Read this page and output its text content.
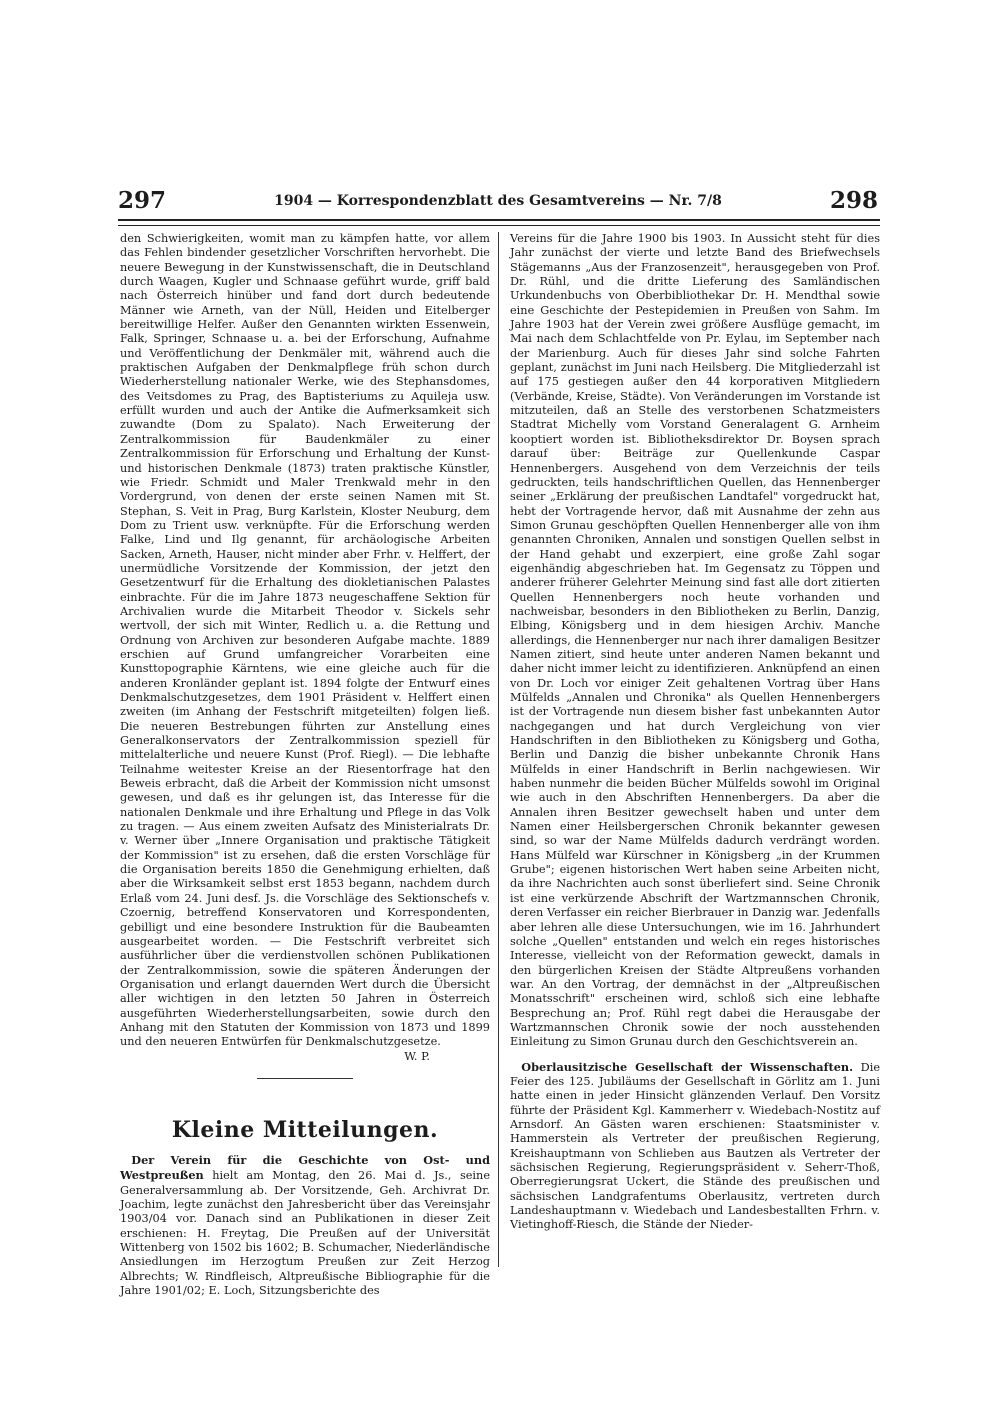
297	1904 — Korrespondenzblatt des Gesamtvereins — Nr. 7/8	298

den Schwierigkeiten, womit man zu kämpfen hatte, vor allem das Fehlen bindender gesetzlicher Vorschriften hervorhebt. Die neuere Bewegung in der Kunstwissenschaft, die in Deutschland durch Waagen, Kugler und Schnaase geführt wurde, griff bald nach Österreich hinüber und fand dort durch bedeutende Männer wie Arneth, van der Nüll, Heiden und Eitelberger bereitwillige Helfer. Außer den Genannten wirkten Essenwein, Falk, Springer, Schnaase u. a. bei der Erforschung, Aufnahme und Veröffentlichung der Denkmäler mit, während auch die praktischen Aufgaben der Denkmalpflege früh schon durch Wiederherstellung nationaler Werke, wie des Stephansdomes, des Veitsdomes zu Prag, des Baptisteriums zu Aquileja usw. erfüllt wurden und auch der Antike die Aufmerksamkeit sich zuwandte (Dom zu Spalato). Nach Erweiterung der Zentralkommission für Baudenkmäler zu einer Zentralkommission für Erforschung und Erhaltung der Kunst- und historischen Denkmale (1873) traten praktische Künstler, wie Friedr. Schmidt und Maler Trenkwald mehr in den Vordergrund, von denen der erste seinen Namen mit St. Stephan, S. Veit in Prag, Burg Karlstein, Kloster Neuburg, dem Dom zu Trient usw. verknüpfte. Für die Erforschung werden Falke, Lind und Ilg genannt, für archäologische Arbeiten Sacken, Arneth, Hauser, nicht minder aber Frhr. v. Helffert, der unermüdliche Vorsitzende der Kommission, der jetzt den Gesetzentwurf für die Erhaltung des diokletianischen Palastes einbrachte. Für die im Jahre 1873 neugeschaffene Sektion für Archivalien wurde die Mitarbeit Theodor v. Sickels sehr wertvoll, der sich mit Winter, Redlich u. a. die Rettung und Ordnung von Archiven zur besonderen Aufgabe machte. 1889 erschien auf Grund umfangreicher Vorarbeiten eine Kunsttopographie Kärntens, wie eine gleiche auch für die anderen Kronländer geplant ist. 1894 folgte der Entwurf eines Denkmalschutzgesetzes, dem 1901 Präsident v. Helffert einen zweiten (im Anhang der Festschrift mitgeteilten) folgen ließ. Die neueren Bestrebungen führten zur Anstellung eines Generalkonservators der Zentralkommission speziell für mittelalterliche und neuere Kunst (Prof. Riegl). — Die lebhafte Teilnahme weitester Kreise an der Riesentorfrage hat den Beweis erbracht, daß die Arbeit der Kommission nicht umsonst gewesen, und daß es ihr gelungen ist, das Interesse für die nationalen Denkmale und ihre Erhaltung und Pflege in das Volk zu tragen. — Aus einem zweiten Aufsatz des Ministerialrats Dr. v. Werner über „Innere Organisation und praktische Tätigkeit der Kommission" ist zu ersehen, daß die ersten Vorschläge für die Organisation bereits 1850 die Genehmigung erhielten, daß aber die Wirksamkeit selbst erst 1853 begann, nachdem durch Erlaß vom 24. Juni desf. Js. die Vorschläge des Sektionschefs v. Czoernig, betreffend Konservatoren und Korrespondenten, gebilligt und eine besondere Instruktion für die Baubeamten ausgearbeitet worden. — Die Festschrift verbreitet sich ausführlicher über die verdienstvollen schönen Publikationen der Zentralkommission, sowie die späteren Änderungen der Organisation und erlangt dauernden Wert durch die Übersicht aller wichtigen in den letzten 50 Jahren in Österreich ausgeführten Wiederherstellungsarbeiten, sowie durch den Anhang mit den Statuten der Kommission von 1873 und 1899 und den neueren Entwürfen für Denkmalschutzgesetze.

W. P.

Kleine Mitteilungen.

Der Verein für die Geschichte von Ost- und Westpreußen hielt am Montag, den 26. Mai d. Js., seine Generalversammlung ab. Der Vorsitzende, Geh. Archivrat Dr. Joachim, legte zunächst den Jahresbericht über das Vereinsjahr 1903/04 vor. Danach sind an Publikationen in dieser Zeit erschienen: H. Freytag, Die Preußen auf der Universität Wittenberg von 1502 bis 1602; B. Schumacher, Niederländische Ansiedlungen im Herzogtum Preußen zur Zeit Herzog Albrechts; W. Rindfleisch, Altpreußische Bibliographie für die Jahre 1901/02; E. Loch, Sitzungsberichte des

Vereins für die Jahre 1900 bis 1903. In Aussicht steht für dies Jahr zunächst der vierte und letzte Band des Briefwechsels Stägemanns „Aus der Franzosenzeit", herausgegeben von Prof. Dr. Rühl, und die dritte Lieferung des Samländischen Urkundenbuchs von Oberbibliothekar Dr. H. Mendthal sowie eine Geschichte der Pestepidemien in Preußen von Sahm. Im Jahre 1903 hat der Verein zwei größere Ausflüge gemacht, im Mai nach dem Schlachtfelde von Pr. Eylau, im September nach der Marienburg. Auch für dieses Jahr sind solche Fahrten geplant, zunächst im Juni nach Heilsberg. Die Mitgliederzahl ist auf 175 gestiegen außer den 44 korporativen Mitgliedern (Verbände, Kreise, Städte). Von Veränderungen im Vorstande ist mitzuteilen, daß an Stelle des verstorbenen Schatzmeisters Stadtrat Michelly vom Vorstand Generalagent G. Arnheim kooptiert worden ist. Bibliotheksdirektor Dr. Boysen sprach darauf über: Beiträge zur Quellenkunde Caspar Hennenbergers. Ausgehend von dem Verzeichnis der teils gedruckten, teils handschriftlichen Quellen, das Hennenberger seiner „Erklärung der preußischen Landtafel" vorgedruckt hat, hebt der Vortragende hervor, daß mit Ausnahme der zehn aus Simon Grunau geschöpften Quellen Hennenberger alle von ihm genannten Chroniken, Annalen und sonstigen Quellen selbst in der Hand gehabt und exzerpiert, eine große Zahl sogar eigenhändig abgeschrieben hat. Im Gegensatz zu Töppen und anderer früherer Gelehrter Meinung sind fast alle dort zitierten Quellen Hennenbergers noch heute vorhanden und nachweisbar, besonders in den Bibliotheken zu Berlin, Danzig, Elbing, Königsberg und in dem hiesigen Archiv. Manche allerdings, die Hennenberger nur nach ihrer damaligen Besitzer Namen zitiert, sind heute unter anderen Namen bekannt und daher nicht immer leicht zu identifizieren. Anknüpfend an einen von Dr. Loch vor einiger Zeit gehaltenen Vortrag über Hans Mülfelds „Annalen und Chronika" als Quellen Hennenbergers ist der Vortragende nun diesem bisher fast unbekannten Autor nachgegangen und hat durch Vergleichung von vier Handschriften in den Bibliotheken zu Königsberg und Gotha, Berlin und Danzig die bisher unbekannte Chronik Hans Mülfelds in einer Handschrift in Berlin nachgewiesen. Wir haben nunmehr die beiden Bücher Mülfelds sowohl im Original wie auch in den Abschriften Hennenbergers. Da aber die Annalen ihren Besitzer gewechselt haben und unter dem Namen einer Heilsbergerschen Chronik bekannter gewesen sind, so war der Name Mülfelds dadurch verdrängt worden. Hans Mülfeld war Kürschner in Königsberg „in der Krummen Grube"; eigenen historischen Wert haben seine Arbeiten nicht, da ihre Nachrichten auch sonst überliefert sind. Seine Chronik ist eine verkürzende Abschrift der Wartzmannschen Chronik, deren Verfasser ein reicher Bierbrauer in Danzig war. Jedenfalls aber lehren alle diese Untersuchungen, wie im 16. Jahrhundert solche „Quellen" entstanden und welch ein reges historisches Interesse, vielleicht von der Reformation geweckt, damals in den bürgerlichen Kreisen der Städte Altpreußens vorhanden war. An den Vortrag, der demnächst in der „Altpreußischen Monatsschrift" erscheinen wird, schloß sich eine lebhafte Besprechung an; Prof. Rühl regt dabei die Herausgabe der Wartzmannschen Chronik sowie der noch ausstehenden Einleitung zu Simon Grunau durch den Geschichtsverein an.

Oberlausitzische Gesellschaft der Wissenschaften. Die Feier des 125. Jubiläums der Gesellschaft in Görlitz am 1. Juni hatte einen in jeder Hinsicht glänzenden Verlauf. Den Vorsitz führte der Präsident Kgl. Kammerherr v. Wiedebach-Nostitz auf Arnsdorf. An Gästen waren erschienen: Staatsminister v. Hammerstein als Vertreter der preußischen Regierung, Kreishauptmann von Schlieben aus Bautzen als Vertreter der sächsischen Regierung, Regierungspräsident v. Seherr-Thoß, Oberregierungsrat Uckert, die Stände des preußischen und sächsischen Landgrafentums Oberlausitz, vertreten durch Landeshauptmann v. Wiedebach und Landesbestallten Frhrn. v. Vietinghoff-Riesch, die Stände der Nieder-
